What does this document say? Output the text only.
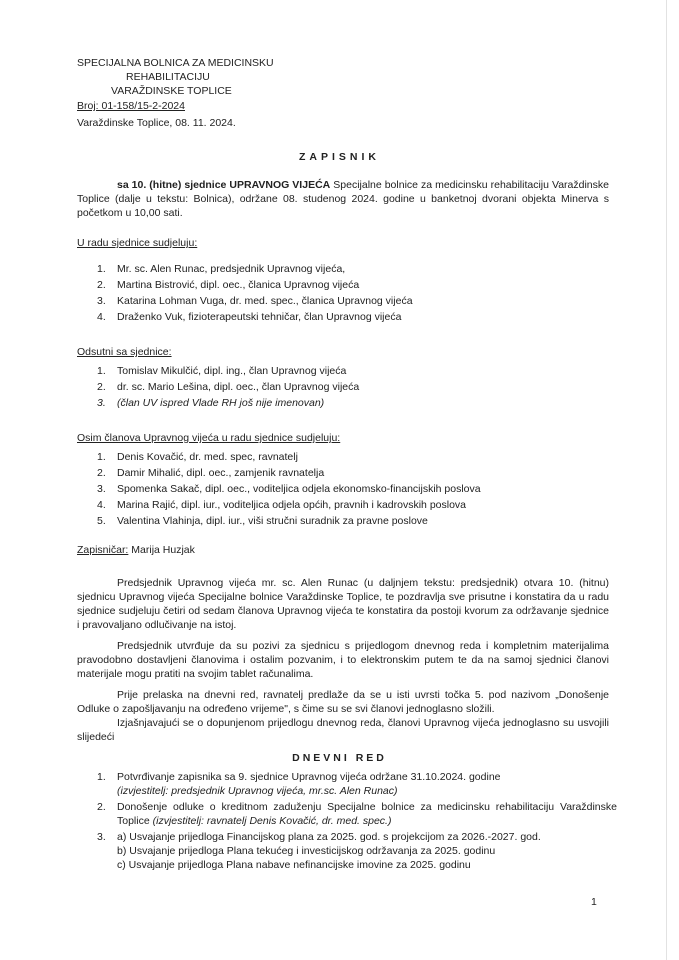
SPECIJALNA BOLNICA ZA MEDICINSKU
REHABILITACIJU
VARAŽDINSKE TOPLICE
Broj: 01-158/15-2-2024
Varaždinske Toplice, 08. 11. 2024.
ZAPISNIK
sa 10. (hitne) sjednice UPRAVNOG VIJEĆA Specijalne bolnice za medicinsku rehabilitaciju Varaždinske Toplice (dalje u tekstu: Bolnica), održane 08. studenog 2024. godine u banketnoj dvorani objekta Minerva s početkom u 10,00 sati.
U radu sjednice sudjeluju:
1.	Mr. sc. Alen Runac, predsjednik Upravnog vijeća,
2.	Martina Bistrović, dipl. oec., članica Upravnog vijeća
3.	Katarina Lohman Vuga, dr. med. spec., članica Upravnog vijeća
4.	Draženko Vuk, fizioterapeutski tehničar, član Upravnog vijeća
Odsutni sa sjednice:
1.	Tomislav Mikulčić, dipl. ing., član Upravnog vijeća
2.	dr. sc. Mario Lešina, dipl. oec., član Upravnog vijeća
3.	(član UV ispred Vlade RH još nije imenovan)
Osim članova Upravnog vijeća u radu sjednice sudjeluju:
1.	Denis Kovačić, dr. med. spec, ravnatelj
2.	Damir Mihalić, dipl. oec., zamjenik ravnatelja
3.	Spomenka Sakač, dipl. oec., voditeljica odjela ekonomsko-financijskih poslova
4.	Marina Rajić, dipl. iur., voditeljica odjela općih, pravnih i kadrovskih poslova
5.	Valentina Vlahinja, dipl. iur., viši stručni suradnik za pravne poslove
Zapisničar: Marija Huzjak
Predsjednik Upravnog vijeća mr. sc. Alen Runac (u daljnjem tekstu: predsjednik) otvara 10. (hitnu) sjednicu Upravnog vijeća Specijalne bolnice Varaždinske Toplice, te pozdravlja sve prisutne i konstatira da u radu sjednice sudjeluju četiri od sedam članova Upravnog vijeća te konstatira da postoji kvorum za održavanje sjednice i pravovaljano odlučivanje na istoj.
Predsjednik utvrđuje da su pozivi za sjednicu s prijedlogom dnevnog reda i kompletnim materijalima pravodobno dostavljeni članovima i ostalim pozvanim, i to elektronskim putem te da na samoj sjednici članovi materijale mogu pratiti na svojim tablet računalima.
Prije prelaska na dnevni red, ravnatelj predlaže da se u isti uvrsti točka 5. pod nazivom „Donošenje Odluke o zapošljavanju na određeno vrijeme", s čime su se svi članovi jednoglasno složili.
Izjašnjavajući se o dopunjenom prijedlogu dnevnog reda, članovi Upravnog vijeća jednoglasno su usvojili slijedeći
DNEVNI RED
1. Potvrđivanje zapisnika sa 9. sjednice Upravnog vijeća održane 31.10.2024. godine
(izvjestitelj: predsjednik Upravnog vijeća, mr.sc. Alen Runac)
2. Donošenje odluke o kreditnom zaduženju Specijalne bolnice za medicinsku rehabilitaciju Varaždinske Toplice (izvjestitelj: ravnatelj Denis Kovačić, dr. med. spec.)
3. a) Usvajanje prijedloga Financijskog plana za 2025. god. s projekcijom za 2026.-2027. god.
b) Usvajanje prijedloga Plana tekućeg i investicijskog održavanja za 2025. godinu
c) Usvajanje prijedloga Plana nabave nefinancijske imovine za 2025. godinu
1
